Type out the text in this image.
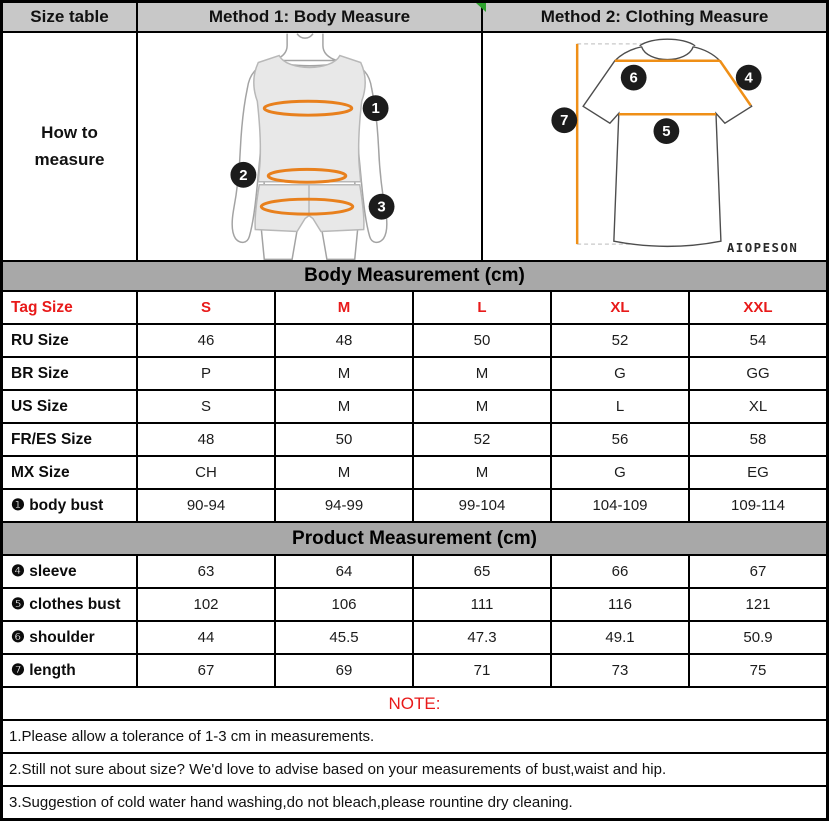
Size table	Method 1: Body Measure	Method 2: Clothing Measure
How to
measure
1
2
3
6	4
7
5
AIOPESON
Body Measurement (cm)
Tag Size	S	M	L	XL	XXL
RU Size	46	48	50	52	54
BR Size	P	M	M	G	GG
US Size	S	M	M	L	XL
FR/ES Size	48	50	52	56	58
MX Size	CH	M	M	G	EG
❶ body bust	90-94	94-99	99-104	104-109	109-114
Product Measurement (cm)
❹ sleeve	63	64	65	66	67
❺ clothes bust	102	106	111	116	121
❻ shoulder	44	45.5	47.3	49.1	50.9
❼ length	67	69	71	73	75
NOTE:
1.Please allow a tolerance of 1-3 cm in measurements.
2.Still not sure about size? We'd love to advise based on your measurements of bust,waist and hip.
3.Suggestion of cold water hand washing,do not bleach,please rountine dry cleaning.
